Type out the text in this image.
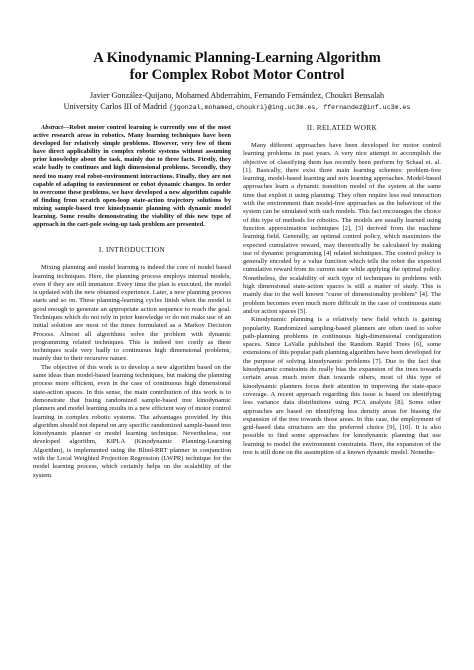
A Kinodynamic Planning-Learning Algorithm
for Complex Robot Motor Control
Javier González-Quijano, Mohamed Abderrahim, Fernando Fernández, Choukri Bensalah
University Carlos III of Madrid {jgonzal,mohamed,choukri}@ing.uc3m.es, ffernandez@inf.uc3m.es

Abstract—Robot motor control learning is currently one of the most active research areas in robotics. Many learning techniques have been developed for relatively simple problems. However, very few of them have direct applicability in complex robotic systems without assuming prior knowledge about the task, mainly due to three facts. Firstly, they scale badly to continues and high dimensional problems. Secondly, they need too many real robot-environment interactions. Finally, they are not capable of adapting to environment or robot dynamic changes. In order to overcome these problems, we have developed a new algorithm capable of finding from scratch open-loop state-action trajectory solutions by mixing sample-based tree kinodynamic planning with dynamic model learning. Some results demonstrating the viability of this new type of approach in the cart-pole swing-up task problem are presented.

I. INTRODUCTION

Mixing planning and model learning is indeed the core of model based learning techniques. Here, the planning process employs internal models, even if they are still immature. Every time the plan is executed, the model is updated with the new obtained experience. Later, a new planning process starts and so on. These planning-learning cycles finish when the model is good enough to generate an appropriate action sequence to reach the goal. Techniques which do not rely in prior knowledge or do not make use of an initial solution are most of the times formulated as a Markov Decision Process. Almost all algorithms solve the problem with dynamic programming related techniques. This is indeed too costly as these techniques scale very badly to continuous high dimensional problems, mainly due to their recursive nature.

The objective of this work is to develop a new algorithm based on the same ideas than model-based learning techniques, but making the planning process more efficient, even in the case of continuous high dimensional state-action spaces. In this sense, the main contribution of this work is to demonstrate that fusing randomized sample-based tree kinodynamic planners and model learning results in a new efficient way of motor control learning in complex robotic systems. The advantages provided by this algorithm should not depend on any specific randomized sample-based tree kinodynamic planner or model learning technique. Nevertheless, our developed algorithm, KiPLA (Kinodynamic Planning-Learning Algorithm), is implemented using the Blind-RRT planner in conjunction with the Local Weighted Projection Regression (LWPR) technique for the model learning process, which certainly helps on the scalability of the system.

II. RELATED WORK

Many different approaches have been developed for motor control learning problems in past years. A very nice attempt to accomplish the objective of classifying them has recently been perform by Schaal et. al. [1]. Basically, there exist three main learning schemes: problem-free learning, model-based learning and mix learning approaches. Model-based approaches learn a dynamic transition model of the system at the same time that exploit it using planning. They often require less real interaction with the environment than model-free approaches as the behaviour of the system can be simulated with such models. This fact encourages the choice of this type of methods for robotics. The models are usually learned using function approximation techniques [2], [3] derived from the machine learning field. Generally, an optimal control policy, which maximizes the expected cumulative reward, may theoretically be calculated by making use of dynamic programming [4] related techniques. The control policy is generally encoded by a value function which tells the robot the expected cumulative reward from its current state while applying the optimal policy. Nonetheless, the scalability of such type of techniques to problems with high dimensional state-action spaces is still a matter of study. This is mainly due to the well known "curse of dimensionality problem" [4]. The problem becomes even much more difficult in the case of continuous state and/or action spaces [5].

Kinodynamic planning is a relatively new field which is gaining popularity. Randomized sampling-based planners are often used to solve path-planning problems in continuous high-dimensional configuration spaces. Since LaValle published the Random Rapid Trees [6], some extensions of this popular path planning algorithm have been developed for the purpose of solving kinodynamic problems [7]. Due to the fact that kinodynamic constraints do really bias the expansion of the trees towards certain areas much more than towards others, most of this type of kinodynamic planners focus their attention in improving the state-space coverage. A recent approach regarding this issue is based on identifying less variance data distributions using PCA analysis [8]. Some other approaches are based on identifying less density areas for biasing the expansion of the tree towards those areas. In this case, the employment of grid-based data structures are the preferred choice [9], [10]. It is also possible to find some approaches for kinodynamic planning that use learning to model the environment constraints. Here, the expansion of the tree is still done on the assumption of a known dynamic model. Nonethe-
